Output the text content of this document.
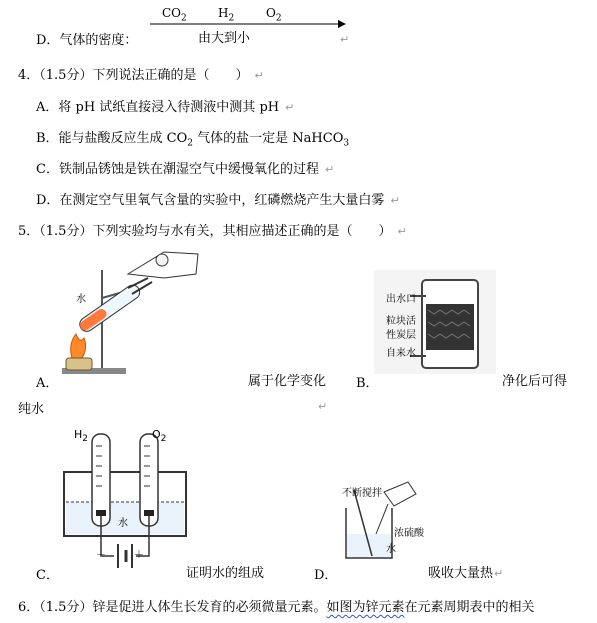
D．气体的密度：
$CO_2$	$H_2$	$O_2$
由大到小	↵
4．（1.5分）下列说法正确的是（　　） ↵
A．将 pH 试纸直接浸入待测液中测其 pH ↵
B．能与盐酸反应生成 $CO_2$ 气体的盐一定是 NaHCO$_3$
C．铁制品锈蚀是铁在潮湿空气中缓慢氧化的过程 ↵
D．在测定空气里氧气含量的实验中，红磷燃烧产生大量白雾 ↵
5．（1.5分）下列实验均与水有关，其相应描述正确的是（　　） ↵
水
A．	属于化学变化
出水口
粒块活
性炭层
自来水
B．	净化后可得
纯水	↵
$H_2$	$O_2$
水
－	＋
C．	证明水的组成
不断搅拌
浓硫酸
水
D．	吸收大量热↵
6．（1.5分）锌是促进人体生长发育的必须微量元素。如图为锌元素在元素周期表中的相关
